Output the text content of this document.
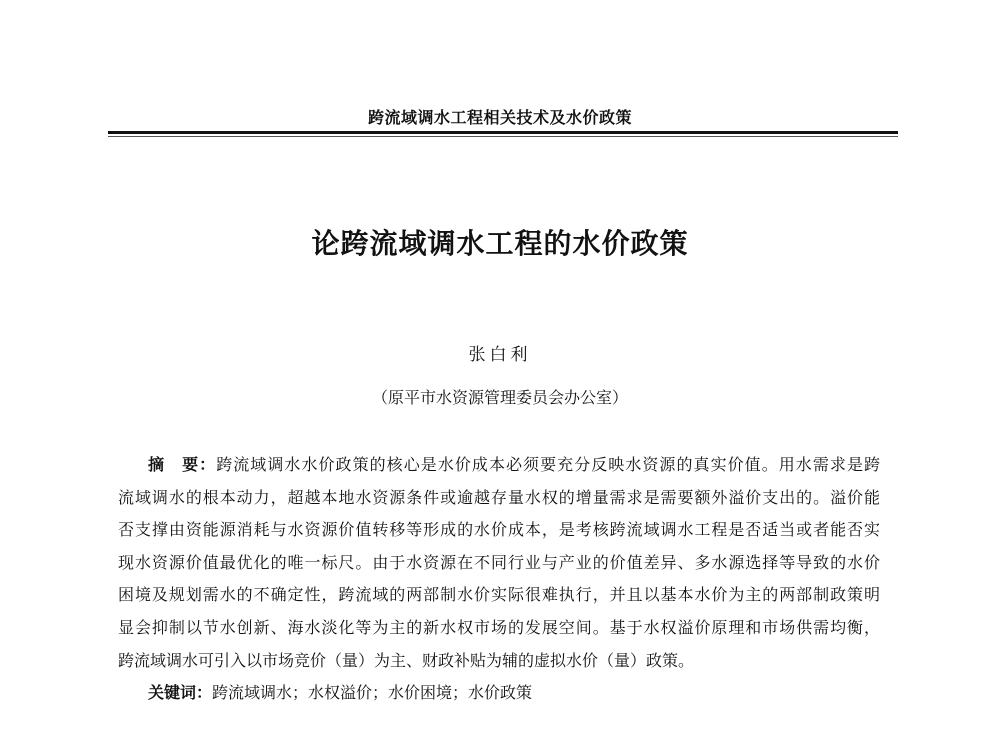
跨流域调水工程相关技术及水价政策
论跨流域调水工程的水价政策
张白利
（原平市水资源管理委员会办公室）
摘　要：跨流域调水水价政策的核心是水价成本必须要充分反映水资源的真实价值。用水需求是跨
流域调水的根本动力，超越本地水资源条件或逾越存量水权的增量需求是需要额外溢价支出的。溢价能
否支撑由资能源消耗与水资源价值转移等形成的水价成本，是考核跨流域调水工程是否适当或者能否实
现水资源价值最优化的唯一标尺。由于水资源在不同行业与产业的价值差异、多水源选择等导致的水价
困境及规划需水的不确定性，跨流域的两部制水价实际很难执行，并且以基本水价为主的两部制政策明
显会抑制以节水创新、海水淡化等为主的新水权市场的发展空间。基于水权溢价原理和市场供需均衡，
跨流域调水可引入以市场竞价（量）为主、财政补贴为辅的虚拟水价（量）政策。
关键词：跨流域调水；水权溢价；水价困境；水价政策
